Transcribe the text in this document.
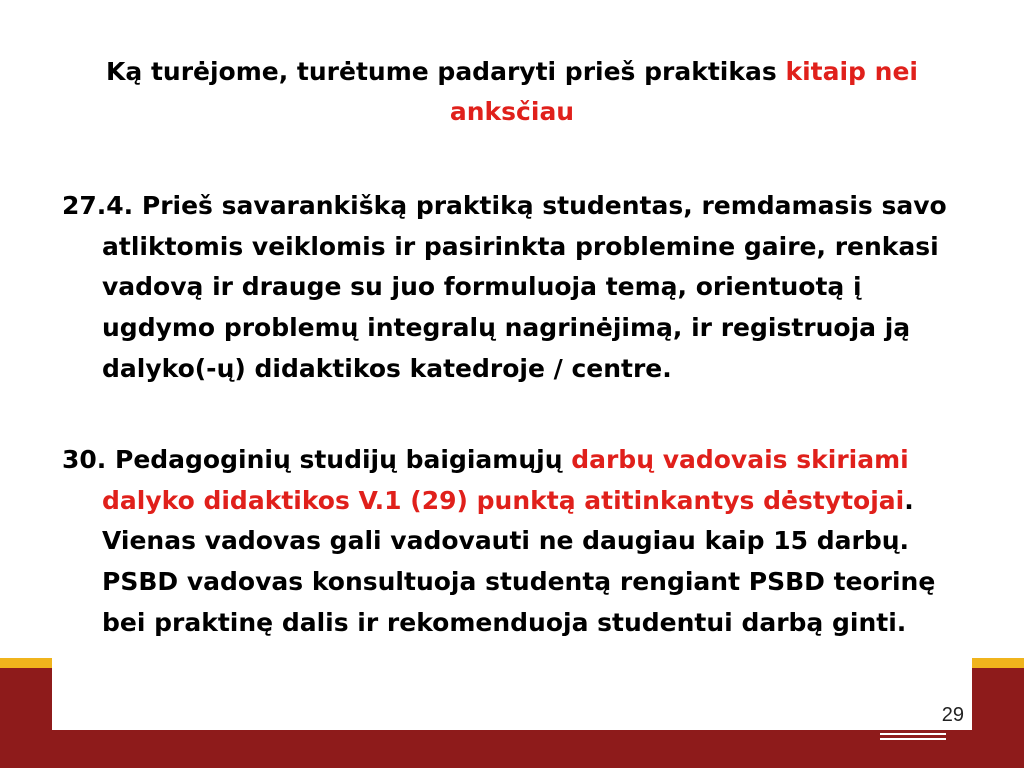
Ką turėjome, turėtume padaryti prieš praktikas kitaip nei anksčiau

27.4. Prieš savarankišką praktiką studentas, remdamasis savo atliktomis veiklomis ir pasirinkta problemine gaire, renkasi vadovą ir drauge su juo formuluoja temą, orientuotą į ugdymo problemų integralų nagrinėjimą, ir registruoja ją dalyko(-ų) didaktikos katedroje / centre.

30. Pedagoginių studijų baigiamųjų darbų vadovais skiriami dalyko didaktikos V.1 (29) punktą atitinkantys dėstytojai. Vienas vadovas gali vadovauti ne daugiau kaip 15 darbų. PSBD vadovas konsultuoja studentą rengiant PSBD teorinę bei praktinę dalis ir rekomenduoja studentui darbą ginti.

29
